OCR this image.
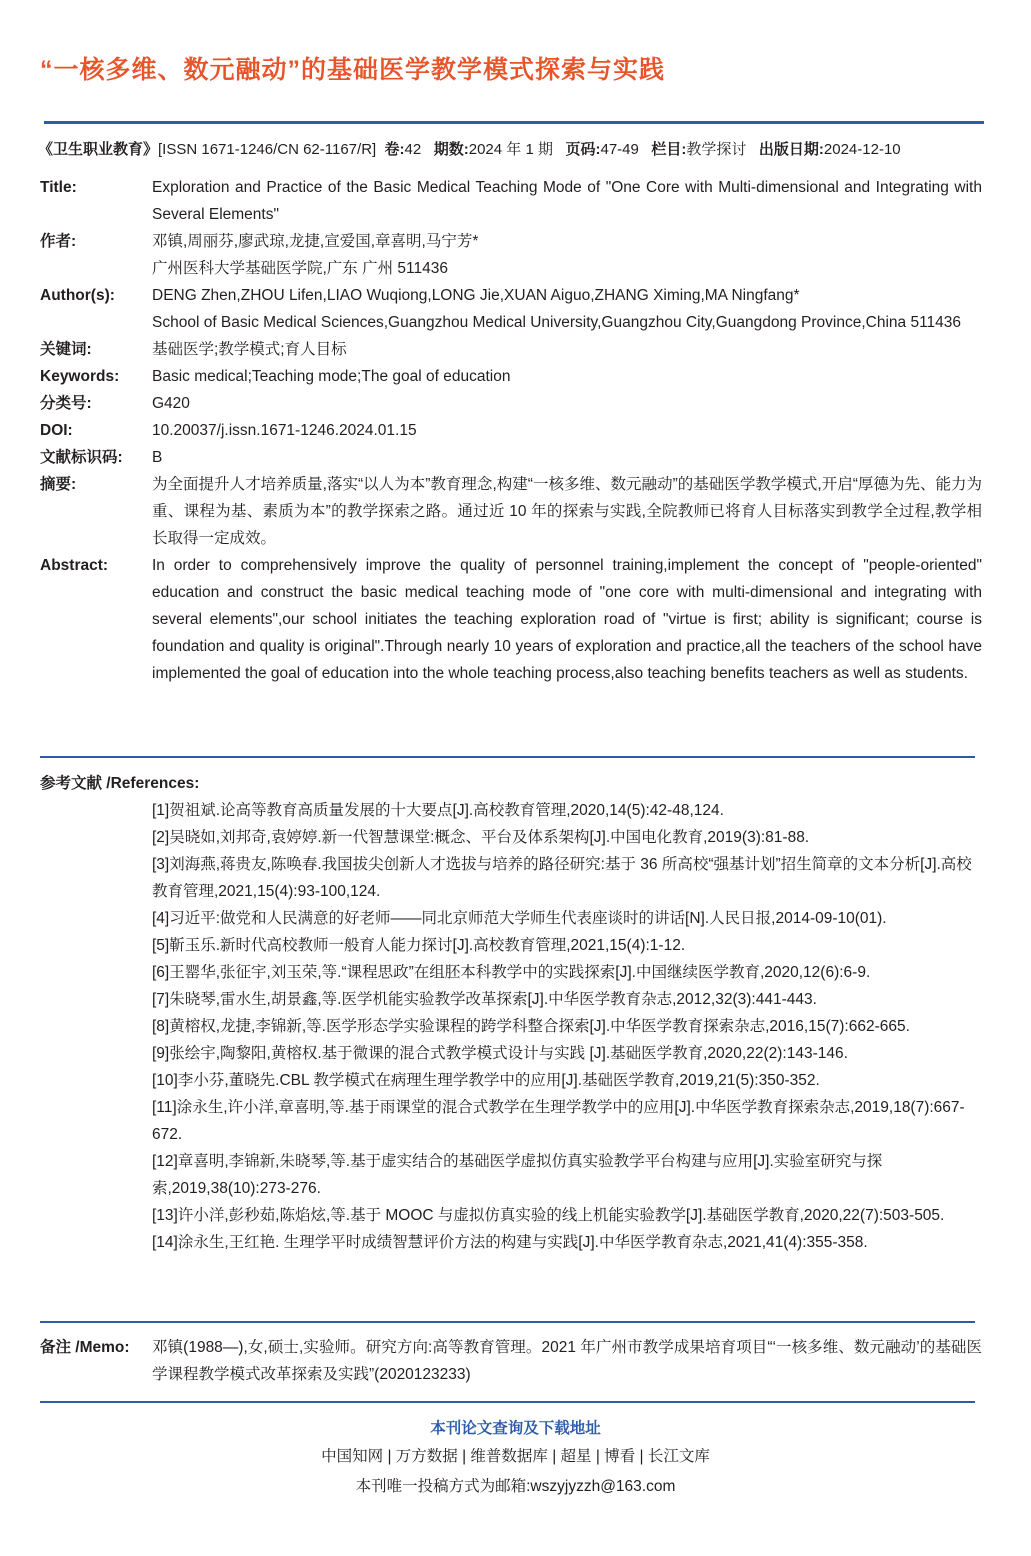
“一核多维、数元融动”的基础医学教学模式探索与实践
《卫生职业教育》[ISSN 1671-1246/CN 62-1167/R] 卷:42 期数:2024 年 1 期 页码:47-49 栏目:教学探讨 出版日期:2024-12-10
Title:	Exploration and Practice of the Basic Medical Teaching Mode of "One Core with Multi-dimensional and Integrating with Several Elements"
作者:	邓镇,周丽芬,廖武琼,龙捷,宣爱国,章喜明,马宁芳*
广州医科大学基础医学院,广东 广州 511436
Author(s):	DENG Zhen,ZHOU Lifen,LIAO Wuqiong,LONG Jie,XUAN Aiguo,ZHANG Ximing,MA Ningfang*
School of Basic Medical Sciences,Guangzhou Medical University,Guangzhou City,Guangdong Province,China 511436
关键词:	基础医学;教学模式;育人目标
Keywords:	Basic medical;Teaching mode;The goal of education
分类号:	G420
DOI:	10.20037/j.issn.1671-1246.2024.01.15
文献标识码:	B
摘要:	为全面提升人才培养质量,落实“以人为本”教育理念,构建“一核多维、数元融动”的基础医学教学模式,开启“厚德为先、能力为重、课程为基、素质为本”的教学探索之路。通过近 10 年的探索与实践,全院教师已将育人目标落实到教学全过程,教学相长取得一定成效。
Abstract:	In order to comprehensively improve the quality of personnel training,implement the concept of "people-oriented" education and construct the basic medical teaching mode of "one core with multi-dimensional and integrating with several elements",our school initiates the teaching exploration road of "virtue is first; ability is significant; course is foundation and quality is original".Through nearly 10 years of exploration and practice,all the teachers of the school have implemented the goal of education into the whole teaching process,also teaching benefits teachers as well as students.
参考文献 /References:
[1]贺祖斌.论高等教育高质量发展的十大要点[J].高校教育管理,2020,14(5):42-48,124.
[2]吴晓如,刘邦奇,袁婷婷.新一代智慧课堂:概念、平台及体系架构[J].中国电化教育,2019(3):81-88.
[3]刘海燕,蒋贵友,陈唤春.我国拔尖创新人才选拔与培养的路径研究:基于 36 所高校“强基计划”招生简章的文本分析[J].高校教育管理,2021,15(4):93-100,124.
[4]习近平:做党和人民满意的好老师——同北京师范大学师生代表座谈时的讲话[N].人民日报,2014-09-10(01).
[5]靳玉乐.新时代高校教师一般育人能力探讨[J].高校教育管理,2021,15(4):1-12.
[6]王罂华,张征宇,刘玉荣,等.“课程思政”在组胚本科教学中的实践探索[J].中国继续医学教育,2020,12(6):6-9.
[7]朱晓琴,雷水生,胡景鑫,等.医学机能实验教学改革探索[J].中华医学教育杂志,2012,32(3):441-443.
[8]黄榕权,龙捷,李锦新,等.医学形态学实验课程的跨学科整合探索[J].中华医学教育探索杂志,2016,15(7):662-665.
[9]张绘宇,陶黎阳,黄榕权.基于微课的混合式教学模式设计与实践 [J].基础医学教育,2020,22(2):143-146.
[10]李小芬,董晓先.CBL 教学模式在病理生理学教学中的应用[J].基础医学教育,2019,21(5):350-352.
[11]涂永生,许小洋,章喜明,等.基于雨课堂的混合式教学在生理学教学中的应用[J].中华医学教育探索杂志,2019,18(7):667-672.
[12]章喜明,李锦新,朱晓琴,等.基于虚实结合的基础医学虚拟仿真实验教学平台构建与应用[J].实验室研究与探索,2019,38(10):273-276.
[13]许小洋,彭秒茹,陈焰炫,等.基于 MOOC 与虚拟仿真实验的线上机能实验教学[J].基础医学教育,2020,22(7):503-505.
[14]涂永生,王红艳. 生理学平时成绩智慧评价方法的构建与实践[J].中华医学教育杂志,2021,41(4):355-358.
备注 /Memo:	邓镇(1988—),女,硕士,实验师。研究方向:高等教育管理。2021 年广州市教学成果培育项目“‘一核多维、数元融动’的基础医学课程教学模式改革探索及实践”(2020123233)
本刊论文查询及下载地址
中国知网 | 万方数据 | 维普数据库 | 超星 | 博看 | 长江文库
本刊唯一投稿方式为邮箱:wszyjyzzh@163.com
